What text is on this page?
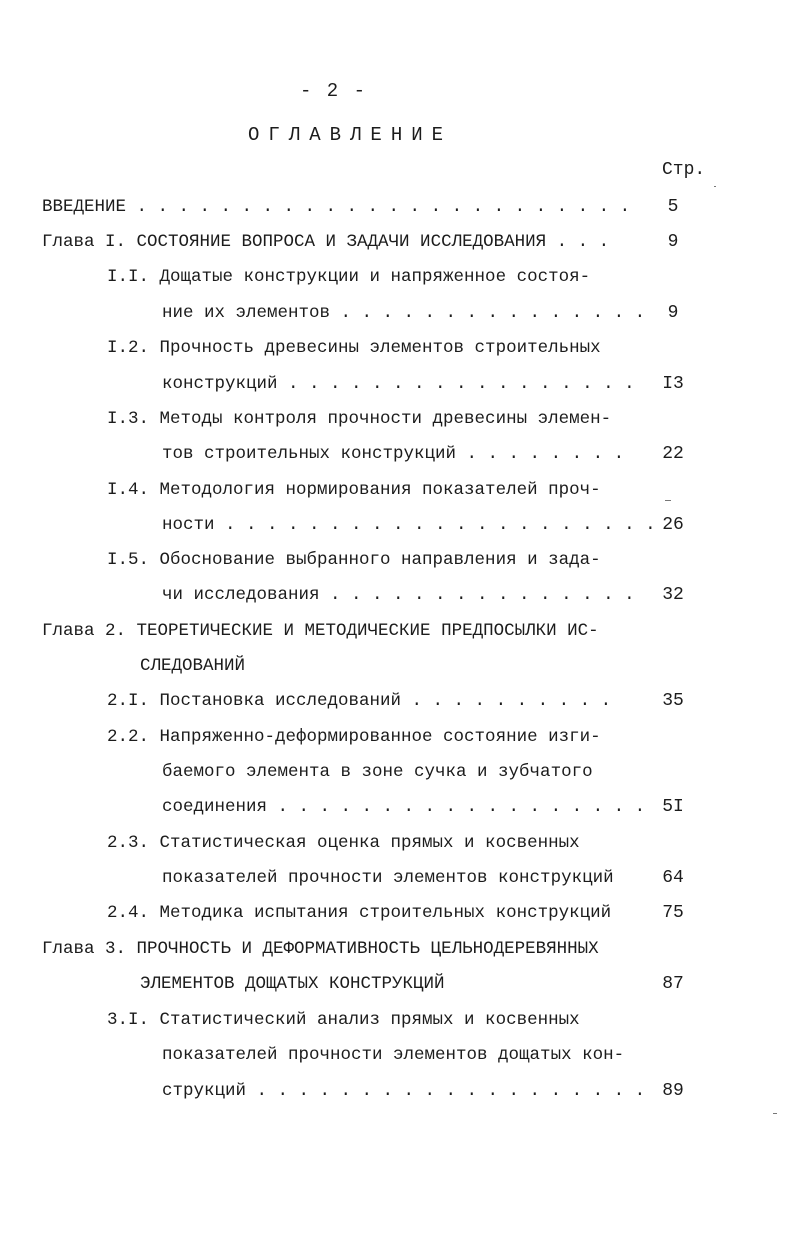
- 2 -
ОГЛАВЛЕНИЕ
Стр.
ВВЕДЕНИЕ . . . . . . . . . . . . . . . . . . . . . . . .	5
Глава I. СОСТОЯНИЕ ВОПРОСА И ЗАДАЧИ ИССЛЕДОВАНИЯ . . .	9
I.I. Дощатые конструкции и напряженное состоя-
ние их элементов . . . . . . . . . . . . . . .	9
I.2. Прочность древесины элементов строительных
конструкций . . . . . . . . . . . . . . . . .	I3
I.3. Методы контроля прочности древесины элемен-
тов строительных конструкций . . . . . . . .	22
I.4. Методология нормирования показателей проч-
ности . . . . . . . . . . . . . . . . . . . . . 26
I.5. Обоснование выбранного направления и зада-
чи исследования . . . . . . . . . . . . . . .	32
Глава 2. ТЕОРЕТИЧЕСКИЕ И МЕТОДИЧЕСКИЕ ПРЕДПОСЫЛКИ ИС-
СЛЕДОВАНИЙ
2.I. Постановка исследований . . . . . . . . . .	35
2.2. Напряженно-деформированное состояние изги-
баемого элемента в зоне сучка и зубчатого
соединения . . . . . . . . . . . . . . . . . . 5I
2.3. Статистическая оценка прямых и косвенных
показателей прочности элементов конструкций	64
2.4. Методика испытания строительных конструкций	75
Глава 3. ПРОЧНОСТЬ И ДЕФОРМАТИВНОСТЬ ЦЕЛЬНОДЕРЕВЯННЫХ
ЭЛЕМЕНТОВ ДОЩАТЫХ КОНСТРУКЦИЙ	87
3.I. Статистический анализ прямых и косвенных
показателей прочности элементов дощатых кон-
струкций . . . . . . . . . . . . . . . . . . . 89
